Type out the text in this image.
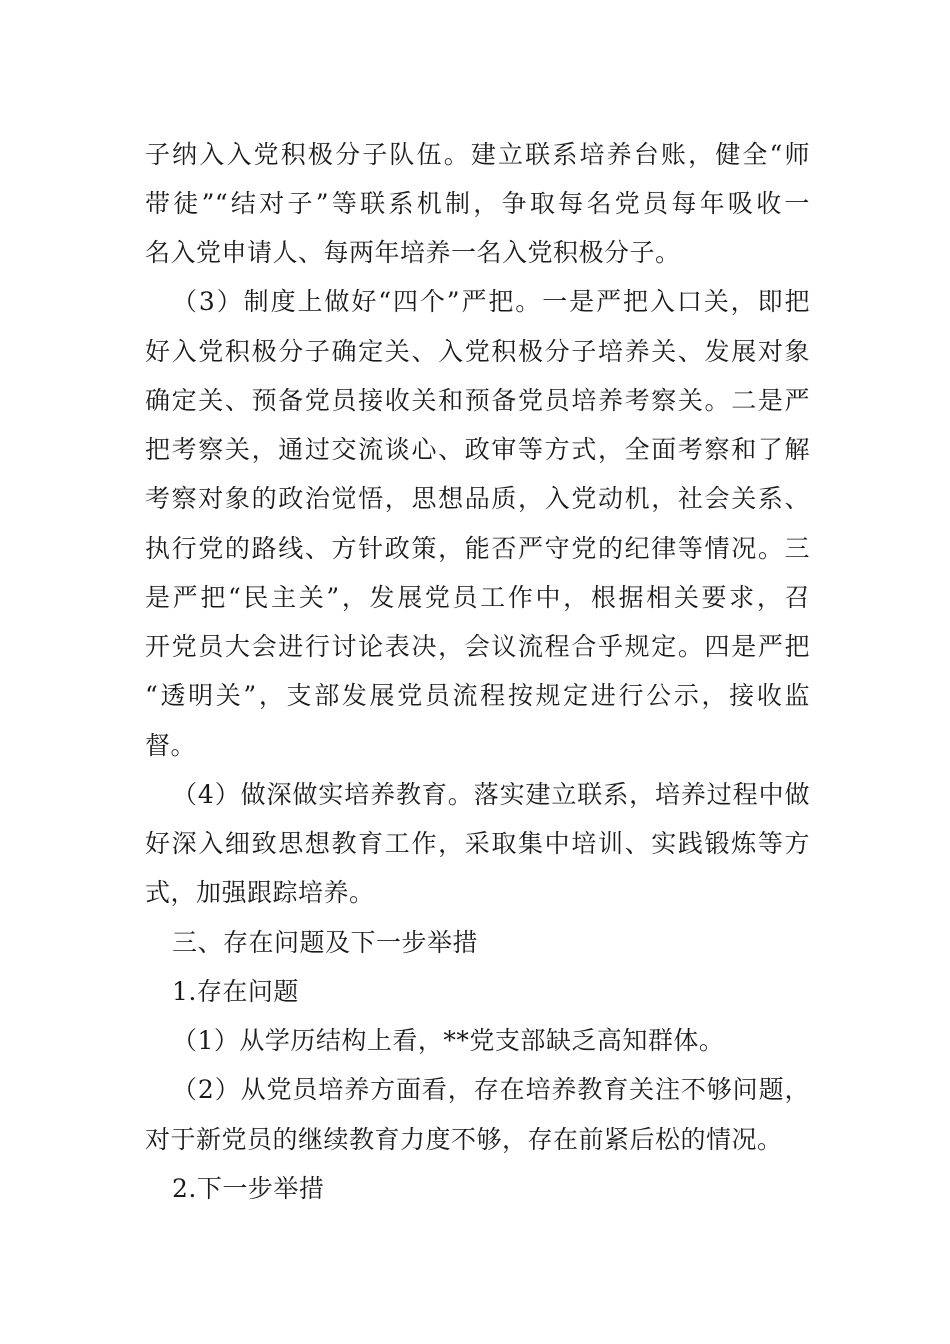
子纳入入党积极分子队伍。建立联系培养台账，健全“师
带徒”“结对子”等联系机制，争取每名党员每年吸收一
名入党申请人、每两年培养一名入党积极分子。
（3）制度上做好“四个”严把。一是严把入口关，即把
好入党积极分子确定关、入党积极分子培养关、发展对象
确定关、预备党员接收关和预备党员培养考察关。二是严
把考察关，通过交流谈心、政审等方式，全面考察和了解
考察对象的政治觉悟，思想品质，入党动机，社会关系、
执行党的路线、方针政策，能否严守党的纪律等情况。三
是严把“民主关”，发展党员工作中，根据相关要求，召
开党员大会进行讨论表决，会议流程合乎规定。四是严把
“透明关”，支部发展党员流程按规定进行公示，接收监
督。
（4）做深做实培养教育。落实建立联系，培养过程中做
好深入细致思想教育工作，采取集中培训、实践锻炼等方
式，加强跟踪培养。
三、存在问题及下一步举措
1.存在问题
（1）从学历结构上看，**党支部缺乏高知群体。
（2）从党员培养方面看，存在培养教育关注不够问题，
对于新党员的继续教育力度不够，存在前紧后松的情况。
2.下一步举措
